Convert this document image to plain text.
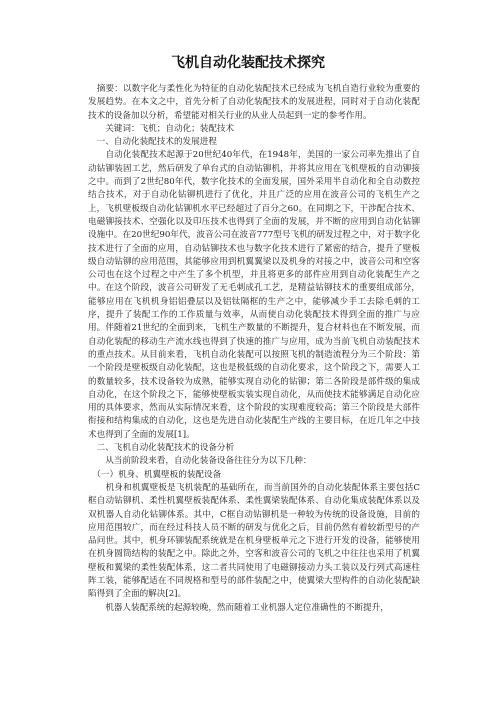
飞机自动化装配技术探究

　摘要：以数字化与柔性化为特征的自动化装配技术已经成为飞机自造行业较为重要的发展趋势。在本文之中，首先分析了自动化装配技术的发展进程，同时对于自动化装配技术的设备加以分析，希望能对相关行业的从业人员起到一定的参考作用。

　　关键词：飞机；自动化；装配技术

　一、自动化装配技术的发展进程

　　自动化装配技术起源于20世纪40年代，在1948年，美国的一家公司率先推出了自动钻铆装固工艺，然后研发了单台式的自动钻铆机，并将其应用在飞机壁板的自动铆接之中。而到了2世纪80年代，数字化技术的全面发展，国外采用半自动化和全自动数控结合技术，对于自动化钻铆机进行了优化，并且广泛的应用在波音公司的飞机生产之上，飞机壁板级自动化钻铆机水平已经超过了百分之60。在同期之下，干涉配合技术、电磁铆接技术、空强化以及印压技术也得到了全面的发展，并不断的应用到自动化钻铆设施中。在20世纪90年代，波音公司在波音777型号飞机的研发过程之中，对于数字化技术进行了全面的应用，自动钻铆技术也与数字化技术进行了紧密的结合，提升了壁板级自动钻铆的应用范围，其能够应用到机翼翼梁以及机身的对接之中，波音公司和空客公司也在这个过程之中产生了多个机型，并且将更多的部件应用到自动化装配生产之中。在这个阶段，波音公司研发了无毛刺成孔工艺，是精益钻铆技术的重要组成部分，能够应用在飞机机身铝铝叠层以及铝钛隔框的生产之中，能够减少手工去除毛刺的工序，提升了装配工作的工作质量与效率，从而使自动化装配技术得到全面的推广与应用。伴随着21世纪的全面到来，飞机生产数量的不断提升，复合材料也在不断发展，而自动化装配的移动生产流水线也得到了快速的推广与应用，成为当前飞机自动装配技术的重点技术。从目前来看，飞机自动化装配可以按照飞机的制造流程分为三个阶段：第一个阶段是壁板级自动化装配，这也是极低级的自动化要求，这个阶段之下，需要人工的数量较多，技术设备较为成熟，能够实现自动化的钻铆；第二各阶段是部件级的集成自动化，在这个阶段之下，能够使壁板实装实现自动化，从而使技术能够满足自动化应用的具体要求，然而从实际情况来看，这个阶段的实现难度较高；第三个阶段是大部件衔接和结构集成的自动化，这也是先进自动化装配生产线的主要目标，在近几年之中技术也得到了全面的发展[1]。

　二、飞机自动化装配技术的设备分析

　　从当前阶段来看，自动化装备设备往往分为以下几种：

　（一）机身、机翼壁板的装配设备

　　机身和机翼壁板是飞机装配的基础所在，而当前国外的自动化装配体系主要包括C框自动钻铆机、柔性机翼壁板装配体系、柔性翼梁装配体系、自动化集成装配体系以及双机器人自动化钻铆体系。其中，C框自动钻铆机是一种较为传统的设备设施，目前的应用范围较广，而在经过科技人员不断的研发与优化之后，目前仍然有着较新型号的产品问世。其中，机身环铆装配系统就是在机身壁板单元之下进行开发的设备，能够使用在机身圆筒结构的装配之中。除此之外，空客和波音公司的飞机之中往往也采用了机翼壁板和翼梁的柔性装配体系，这二者共同使用了电磁铆接动力头工装以及行列式高速柱阵工装，能够配适在不同规格和型号的部件装配之中，使翼梁大型构件的自动化装配缺陷得到了全面的解决[2]。

　　机器人装配系统的起源较晚，然而随着工业机器人定位准确性的不断提升，
